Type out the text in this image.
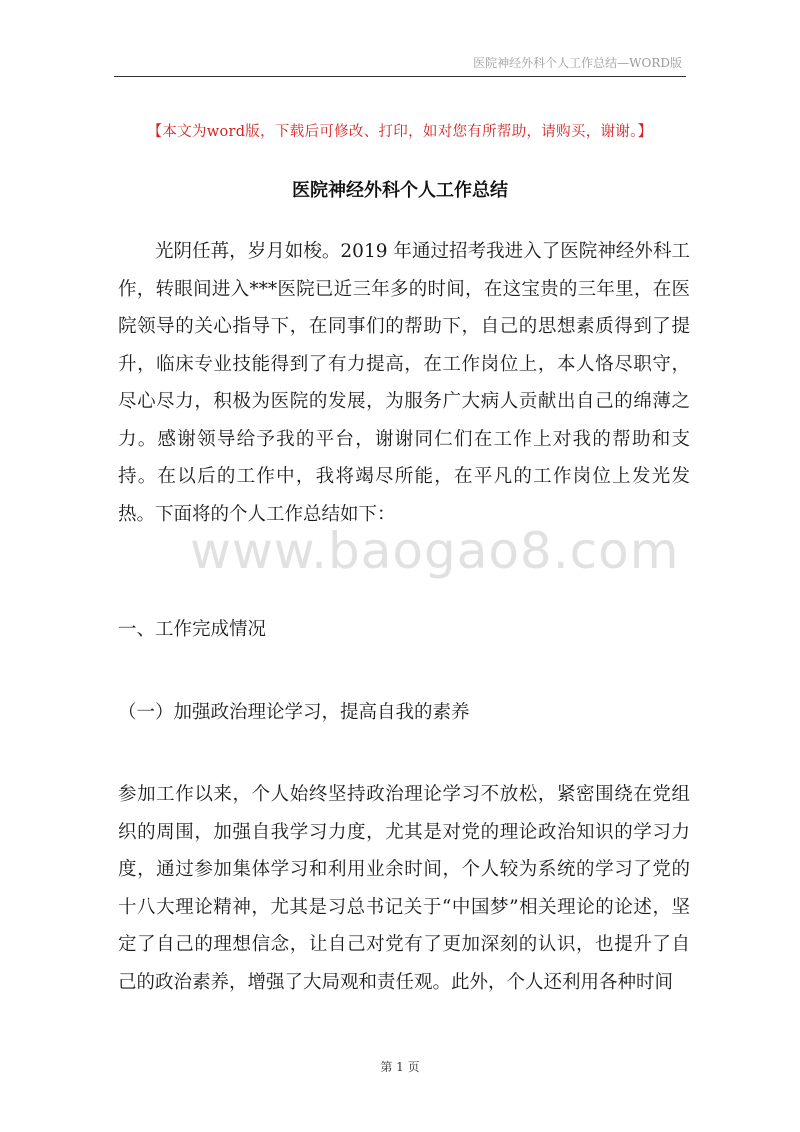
医院神经外科个人工作总结—WORD版
【本文为word版，下载后可修改、打印，如对您有所帮助，请购买，谢谢。】
医院神经外科个人工作总结
光阴任苒，岁月如梭。2019 年通过招考我进入了医院神经外科工作，转眼间进入***医院已近三年多的时间，在这宝贵的三年里，在医院领导的关心指导下，在同事们的帮助下，自己的思想素质得到了提升，临床专业技能得到了有力提高，在工作岗位上，本人恪尽职守，尽心尽力，积极为医院的发展，为服务广大病人贡献出自己的绵薄之力。感谢领导给予我的平台，谢谢同仁们在工作上对我的帮助和支持。在以后的工作中，我将竭尽所能，在平凡的工作岗位上发光发热。下面将的个人工作总结如下：
www.baogao8.com
一、工作完成情况
（一）加强政治理论学习，提高自我的素养
参加工作以来，个人始终坚持政治理论学习不放松，紧密围绕在党组织的周围，加强自我学习力度，尤其是对党的理论政治知识的学习力度，通过参加集体学习和利用业余时间，个人较为系统的学习了党的十八大理论精神，尤其是习总书记关于“中国梦”相关理论的论述，坚定了自己的理想信念，让自己对党有了更加深刻的认识，也提升了自己的政治素养，增强了大局观和责任观。此外，个人还利用各种时间
第 1 页
